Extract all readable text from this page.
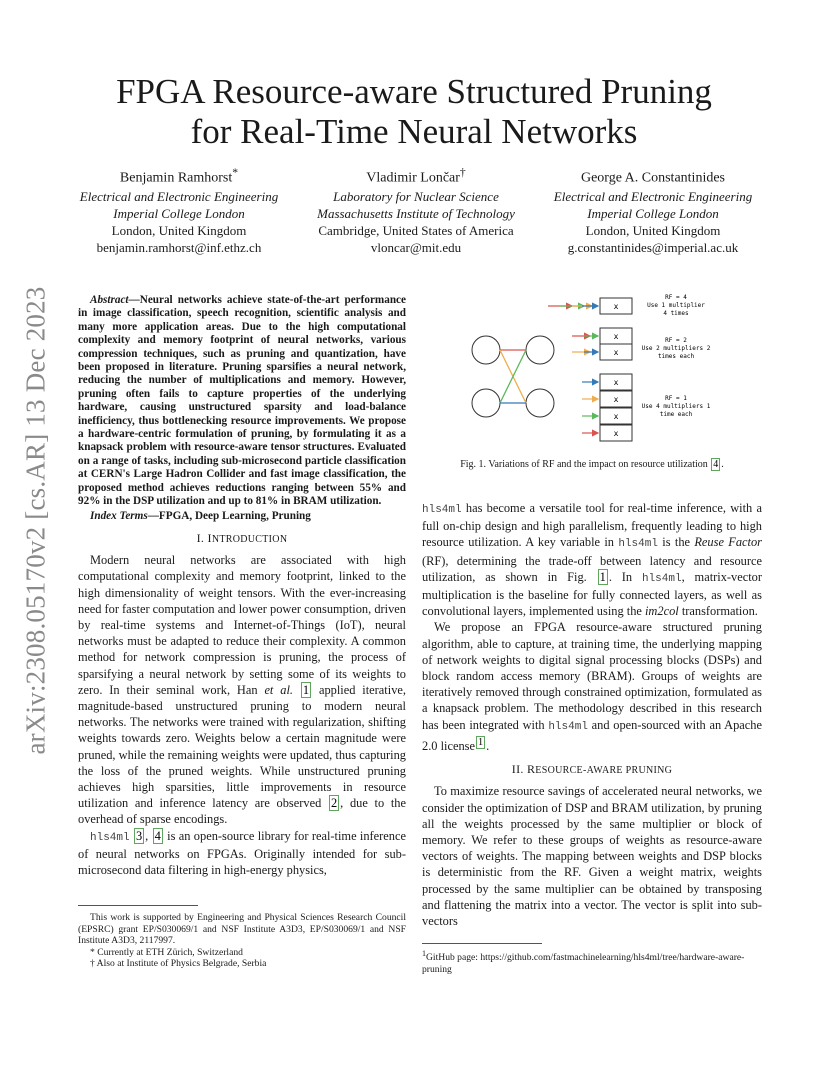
arXiv:2308.05170v2 [cs.AR] 13 Dec 2023
FPGA Resource-aware Structured Pruning
for Real-Time Neural Networks
Benjamin Ramhorst*
Electrical and Electronic Engineering
Imperial College London
London, United Kingdom
benjamin.ramhorst@inf.ethz.ch
Vladimir Lončar†
Laboratory for Nuclear Science
Massachusetts Institute of Technology
Cambridge, United States of America
vloncar@mit.edu
George A. Constantinides
Electrical and Electronic Engineering
Imperial College London
London, United Kingdom
g.constantinides@imperial.ac.uk

Abstract—Neural networks achieve state-of-the-art performance in image classification, speech recognition, scientific analysis and many more application areas. Due to the high computational complexity and memory footprint of neural networks, various compression techniques, such as pruning and quantization, have been proposed in literature. Pruning sparsifies a neural network, reducing the number of multiplications and memory. However, pruning often fails to capture properties of the underlying hardware, causing unstructured sparsity and load-balance inefficiency, thus bottlenecking resource improvements. We propose a hardware-centric formulation of pruning, by formulating it as a knapsack problem with resource-aware tensor structures. Evaluated on a range of tasks, including sub-microsecond particle classification at CERN's Large Hadron Collider and fast image classification, the proposed method achieves reductions ranging between 55% and 92% in the DSP utilization and up to 81% in BRAM utilization.

Index Terms—FPGA, Deep Learning, Pruning

I. INTRODUCTION

Modern neural networks are associated with high computational complexity and memory footprint, linked to the high dimensionality of weight tensors. With the ever-increasing need for faster computation and lower power consumption, driven by real-time systems and Internet-of-Things (IoT), neural networks must be adapted to reduce their complexity. A common method for network compression is pruning, the process of sparsifying a neural network by setting some of its weights to zero. In their seminal work, Han et al. 1 applied iterative, magnitude-based unstructured pruning to modern neural networks. The networks were trained with regularization, shifting weights towards zero. Weights below a certain magnitude were pruned, while the remaining weights were updated, thus capturing the loss of the pruned weights. While unstructured pruning achieves high sparsities, little improvements in resource utilization and inference latency are observed 2 , due to the overhead of sparse encodings.

hls4ml 3 , 4 is an open-source library for real-time inference of neural networks on FPGAs. Originally intended for sub-microsecond data filtering in high-energy physics,

This work is supported by Engineering and Physical Sciences Research Council (EPSRC) grant EP/S030069/1 and NSF Institute A3D3, EP/S030069/1 and NSF Institute A3D3, 2117997.

* Currently at ETH Zürich, Switzerland
† Also at Institute of Physics Belgrade, Serbia
x
RF = 4
Use 1 multiplier
4 times
x
x
RF = 2
Use 2 multipliers 2
times each
x
x
x
x
RF = 1
Use 4 multipliers 1
time each
Fig. 1. Variations of RF and the impact on resource utilization 4 .

hls4ml has become a versatile tool for real-time inference, with a full on-chip design and high parallelism, frequently leading to high resource utilization. A key variable in hls4ml is the Reuse Factor (RF), determining the trade-off between latency and resource utilization, as shown in Fig. 1 . In hls4ml, matrix-vector multiplication is the baseline for fully connected layers, as well as convolutional layers, implemented using the im2col transformation.

We propose an FPGA resource-aware structured pruning algorithm, able to capture, at training time, the underlying mapping of network weights to digital signal processing blocks (DSPs) and block random access memory (BRAM). Groups of weights are iteratively removed through constrained optimization, formulated as a knapsack problem. The methodology described in this research has been integrated with hls4ml and open-sourced with an Apache 2.0 license $^1$ .

II. RESOURCE-AWARE PRUNING

To maximize resource savings of accelerated neural networks, we consider the optimization of DSP and BRAM utilization, by pruning all the weights processed by the same multiplier or block of memory. We refer to these groups of weights as resource-aware vectors of weights. The mapping between weights and DSP blocks is deterministic from the RF. Given a weight matrix, weights processed by the same multiplier can be obtained by transposing and flattening the matrix into a vector. The vector is split into sub-vectors

$^1$GitHub page: https://github.com/fastmachinelearning/hls4ml/tree/hardware-aware-pruning
